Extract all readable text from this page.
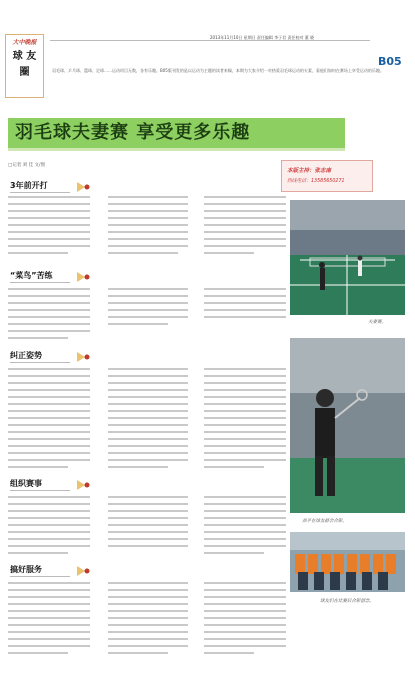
大中晚报
球 友
圈
2013年11月10日 星期日 责任编辑 李子君 责任校对 董 晓
B05
羽毛球、乒乓球、篮球、足球……运动项目无数，各有乐趣。B05版刊发的是以运动为主题的读者来稿，本期为大家介绍一对热爱羽毛球运动的夫妻，看他们如何在赛场上享受运动的乐趣。
羽毛球夫妻赛 享受更多乐趣
□记者 刘 佳 文/图
本版主持：张志南
热线电话：13585650271
3年前开打
“菜鸟”苦练
纠正姿势
组织赛事
搞好服务
夫妻赛。
刘平在球友群会合影。
球友们在比赛后合影留念。
